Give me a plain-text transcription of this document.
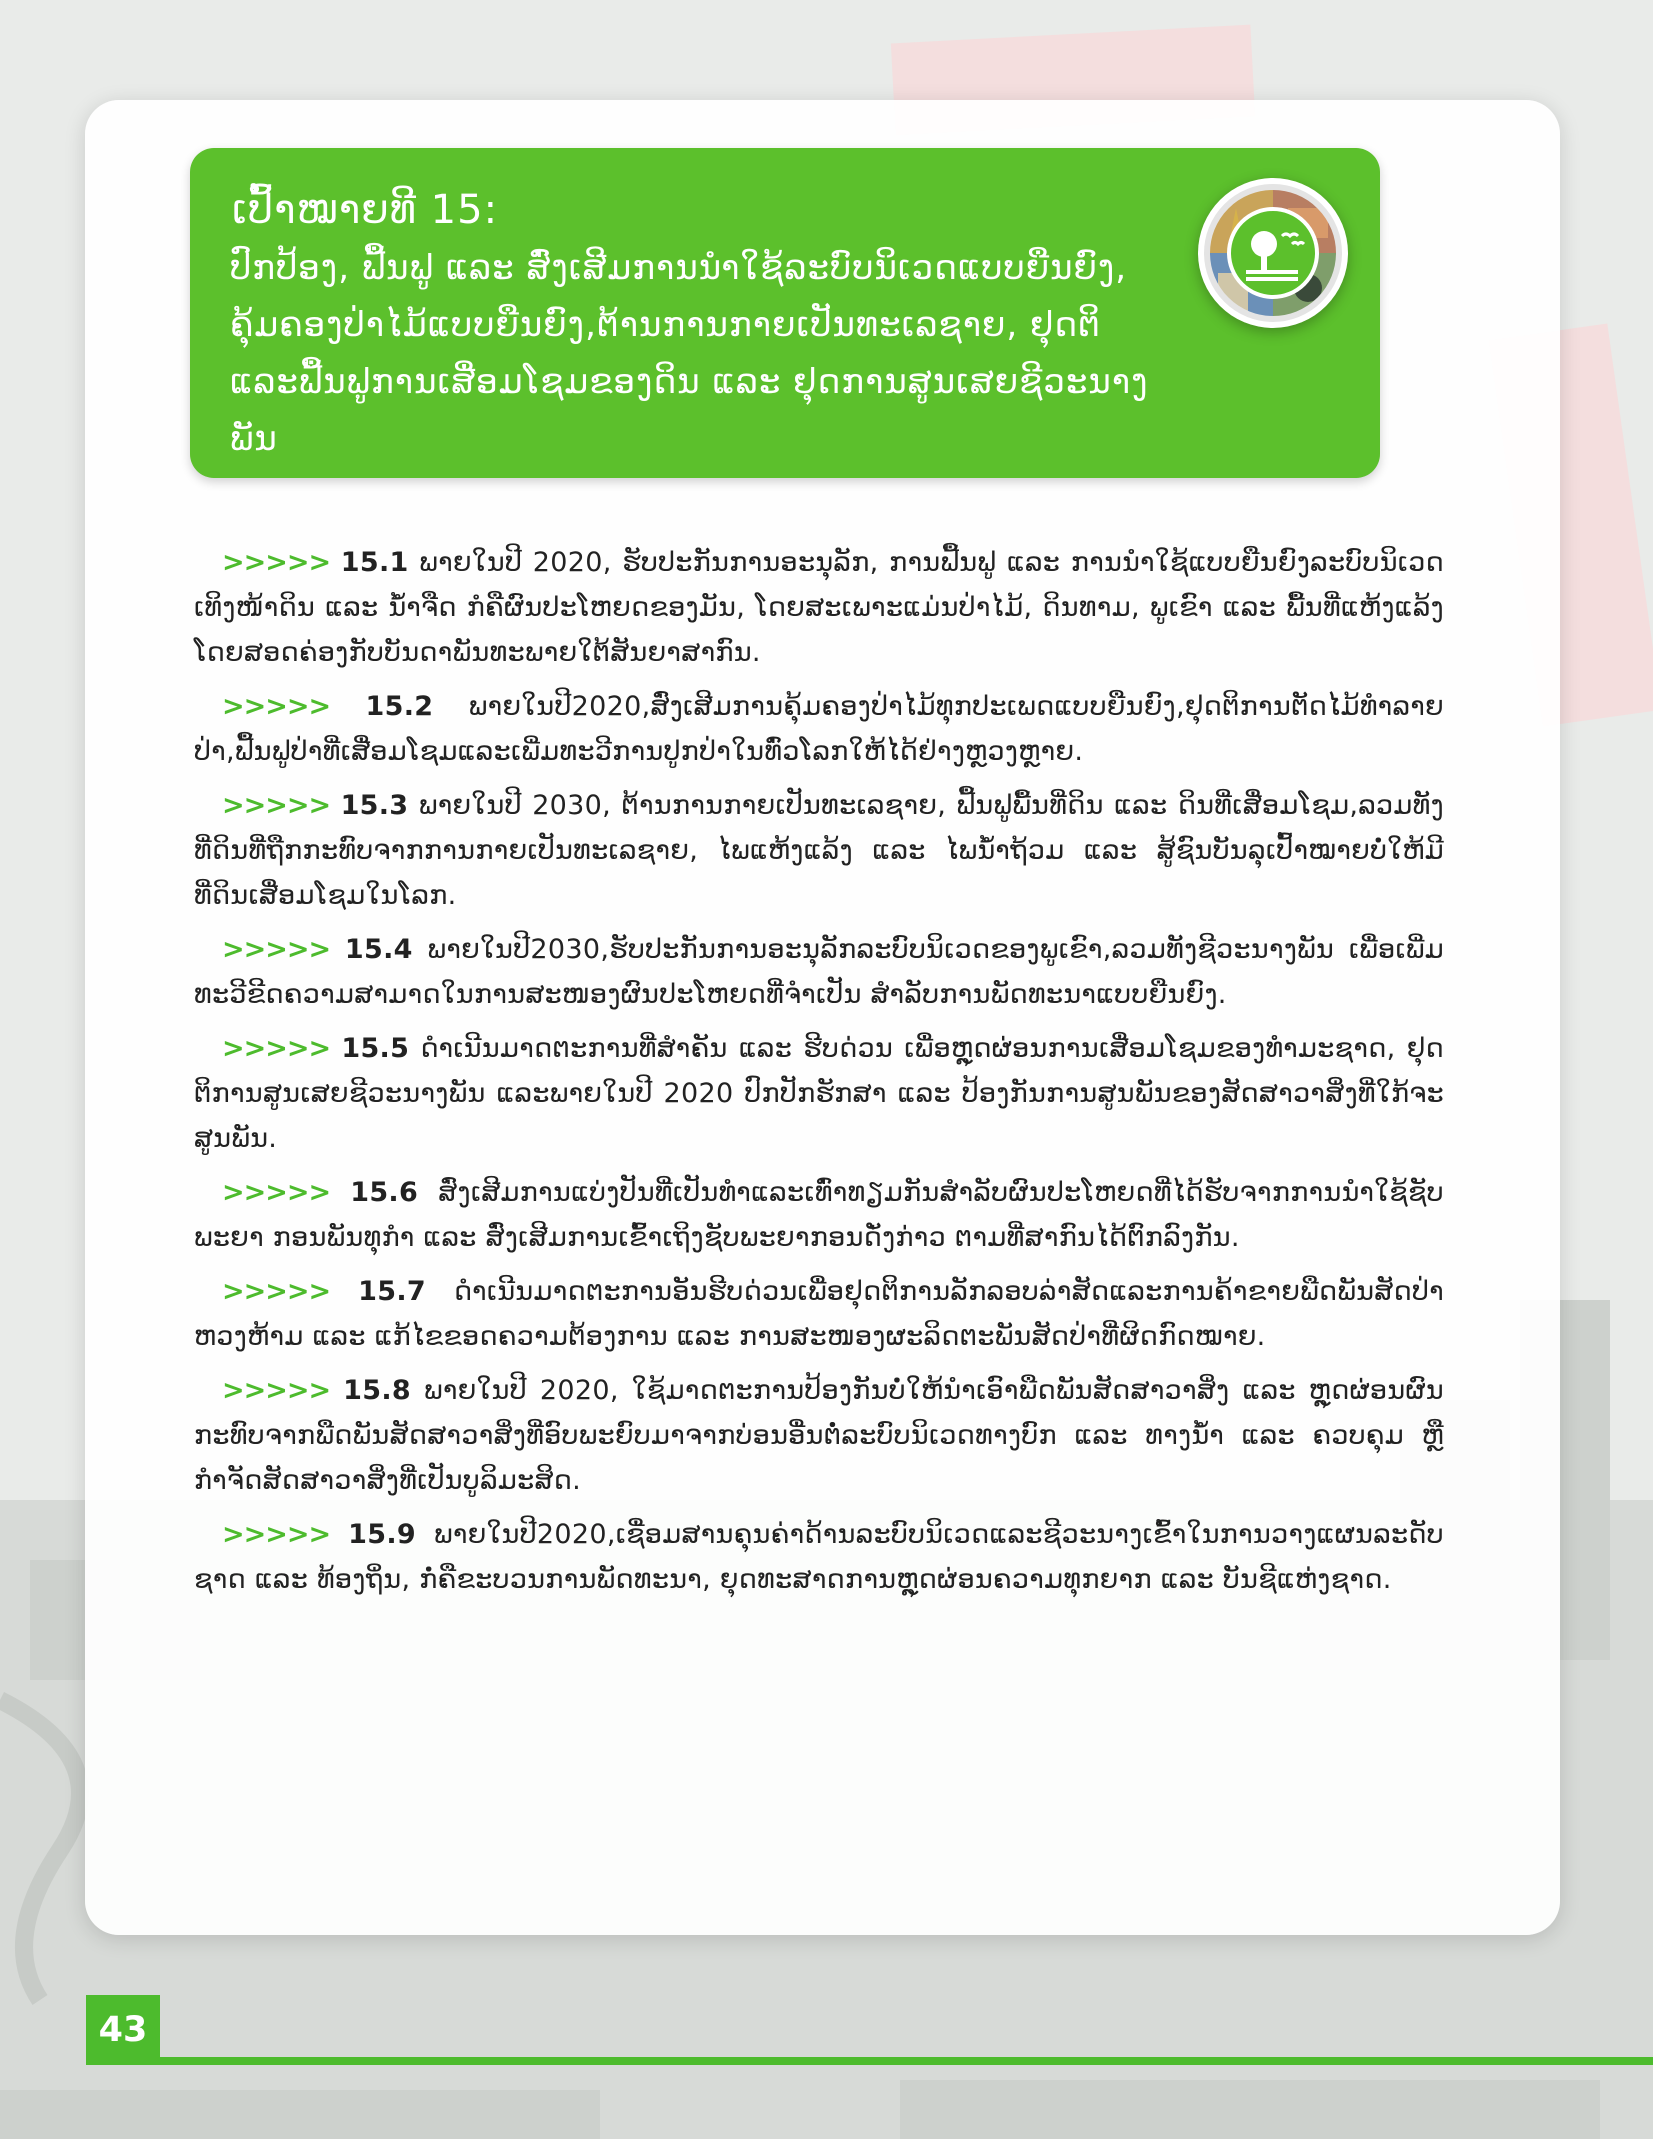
ເປົ້າໝາຍທີ 15:
ປົກປ້ອງ, ຟື້ນຟູ ແລະ ສົ່ງເສີມການນຳໃຊ້ລະບົບນິເວດແບບຍືນຍົງ, ຄຸ້ມຄອງປ່າໄມ້ແບບຍືນຍົງ,ຕ້ານການກາຍເປັນທະເລຊາຍ, ຢຸດຕິ ແລະຟື້ນຟູການເສື່ອມໂຊມຂອງດິນ ແລະ ຢຸດການສູນເສຍຊີວະນາງພັນ

>>>>> 15.1 ພາຍໃນປີ 2020, ຮັບປະກັນການອະນຸລັກ, ການຟື້ນຟູ ແລະ ການນຳໃຊ້ແບບຍືນຍົງລະບົບນິເວດເທິງໜ້າດິນ ແລະ ນ້ຳຈືດ ກໍຄືຜົນປະໂຫຍດຂອງມັນ, ໂດຍສະເພາະແມ່ນປ່າໄມ້, ດິນທາມ, ພູເຂົາ ແລະ ພື້ນທີ່ແຫ້ງແລ້ງ ໂດຍສອດຄ່ອງກັບບັນດາພັນທະພາຍໃຕ້ສັນຍາສາກົນ.

>>>>> 15.2 ພາຍໃນປີ2020,ສົ່ງເສີມການຄຸ້ມຄອງປ່າໄມ້ທຸກປະເພດແບບຍືນຍົງ,ຢຸດຕິການຕັດໄມ້ທຳລາຍປ່າ,ຟື້ນຟູປ່າທີ່ເສື່ອມໂຊມແລະເພີ່ມທະວີການປູກປ່າໃນທົ່ວໂລກໃຫ້ໄດ້ຢ່າງຫຼວງຫຼາຍ.

>>>>> 15.3 ພາຍໃນປີ 2030, ຕ້ານການກາຍເປັນທະເລຊາຍ, ຟື້ນຟູພື້ນທີ່ດິນ ແລະ ດິນທີ່ເສື່ອມໂຊມ,ລວມທັງທີ່ດິນທີ່ຖືກກະທົບຈາກການກາຍເປັນທະເລຊາຍ, ໄພແຫ້ງແລ້ງ ແລະ ໄພນ້ຳຖ້ວມ ແລະ ສູ້ຊົນບັນລຸເປົ້າໝາຍບໍ່ໃຫ້ມີທີ່ດິນເສື່ອມໂຊມໃນໂລກ.

>>>>> 15.4 ພາຍໃນປີ2030,ຮັບປະກັນການອະນຸລັກລະບົບນິເວດຂອງພູເຂົາ,ລວມທັງຊີວະນາງພັນ ເພື່ອເພີ່ມທະວີຂີດຄວາມສາມາດໃນການສະໜອງຜົນປະໂຫຍດທີ່ຈຳເປັນ ສຳລັບການພັດທະນາແບບຍືນຍົງ.

>>>>> 15.5 ດຳເນີນມາດຕະການທີ່ສຳຄັນ ແລະ ຮີບດ່ວນ ເພື່ອຫຼຸດຜ່ອນການເສື່ອມໂຊມຂອງທຳມະຊາດ, ຢຸດຕິການສູນເສຍຊີວະນາງພັນ ແລະພາຍໃນປີ 2020 ປົກປັກຮັກສາ ແລະ ປ້ອງກັນການສູນພັນຂອງສັດສາວາສິ່ງທີ່ໃກ້ຈະສູນພັນ.

>>>>> 15.6 ສົ່ງເສີມການແບ່ງປັນທີ່ເປັນທຳແລະເທົ່າທຽມກັນສຳລັບຜົນປະໂຫຍດທີ່ໄດ້ຮັບຈາກການນຳໃຊ້ຊັບພະຍາ ກອນພັນທຸກຳ ແລະ ສົ່ງເສີມການເຂົ້າເຖິງຊັບພະຍາກອນດັ່ງກ່າວ ຕາມທີ່ສາກົນໄດ້ຕົກລົງກັນ.

>>>>> 15.7 ດຳເນີນມາດຕະການອັນຮີບດ່ວນເພື່ອຢຸດຕິການລັກລອບລ່າສັດແລະການຄ້າຂາຍພືດພັນສັດປ່າຫວງຫ້າມ ແລະ ແກ້ໄຂຂອດຄວາມຕ້ອງການ ແລະ ການສະໜອງຜະລິດຕະພັນສັດປ່າທີ່ຜິດກົດໝາຍ.

>>>>> 15.8 ພາຍໃນປີ 2020, ໃຊ້ມາດຕະການປ້ອງກັນບໍ່ໃຫ້ນຳເອົາພືດພັນສັດສາວາສິ່ງ ແລະ ຫຼຸດຜ່ອນຜົນກະທົບຈາກພືດພັນສັດສາວາສິ່ງທີ່ອົບພະຍົບມາຈາກບ່ອນອື່ນຕໍ່ລະບົບນິເວດທາງບົກ ແລະ ທາງນ້ຳ ແລະ ຄວບຄຸມ ຫຼື ກຳຈັດສັດສາວາສິ່ງທີ່ເປັນບູລິມະສິດ.

>>>>> 15.9 ພາຍໃນປີ2020,ເຊື່ອມສານຄຸນຄ່າດ້ານລະບົບນິເວດແລະຊີວະນາງເຂົ້າໃນການວາງແຜນລະດັບຊາດ ແລະ ທ້ອງຖິ່ນ, ກໍ່ຄືຂະບວນການພັດທະນາ, ຍຸດທະສາດການຫຼຸດຜ່ອນຄວາມທຸກຍາກ ແລະ ບັນຊີແຫ່ງຊາດ.

43
